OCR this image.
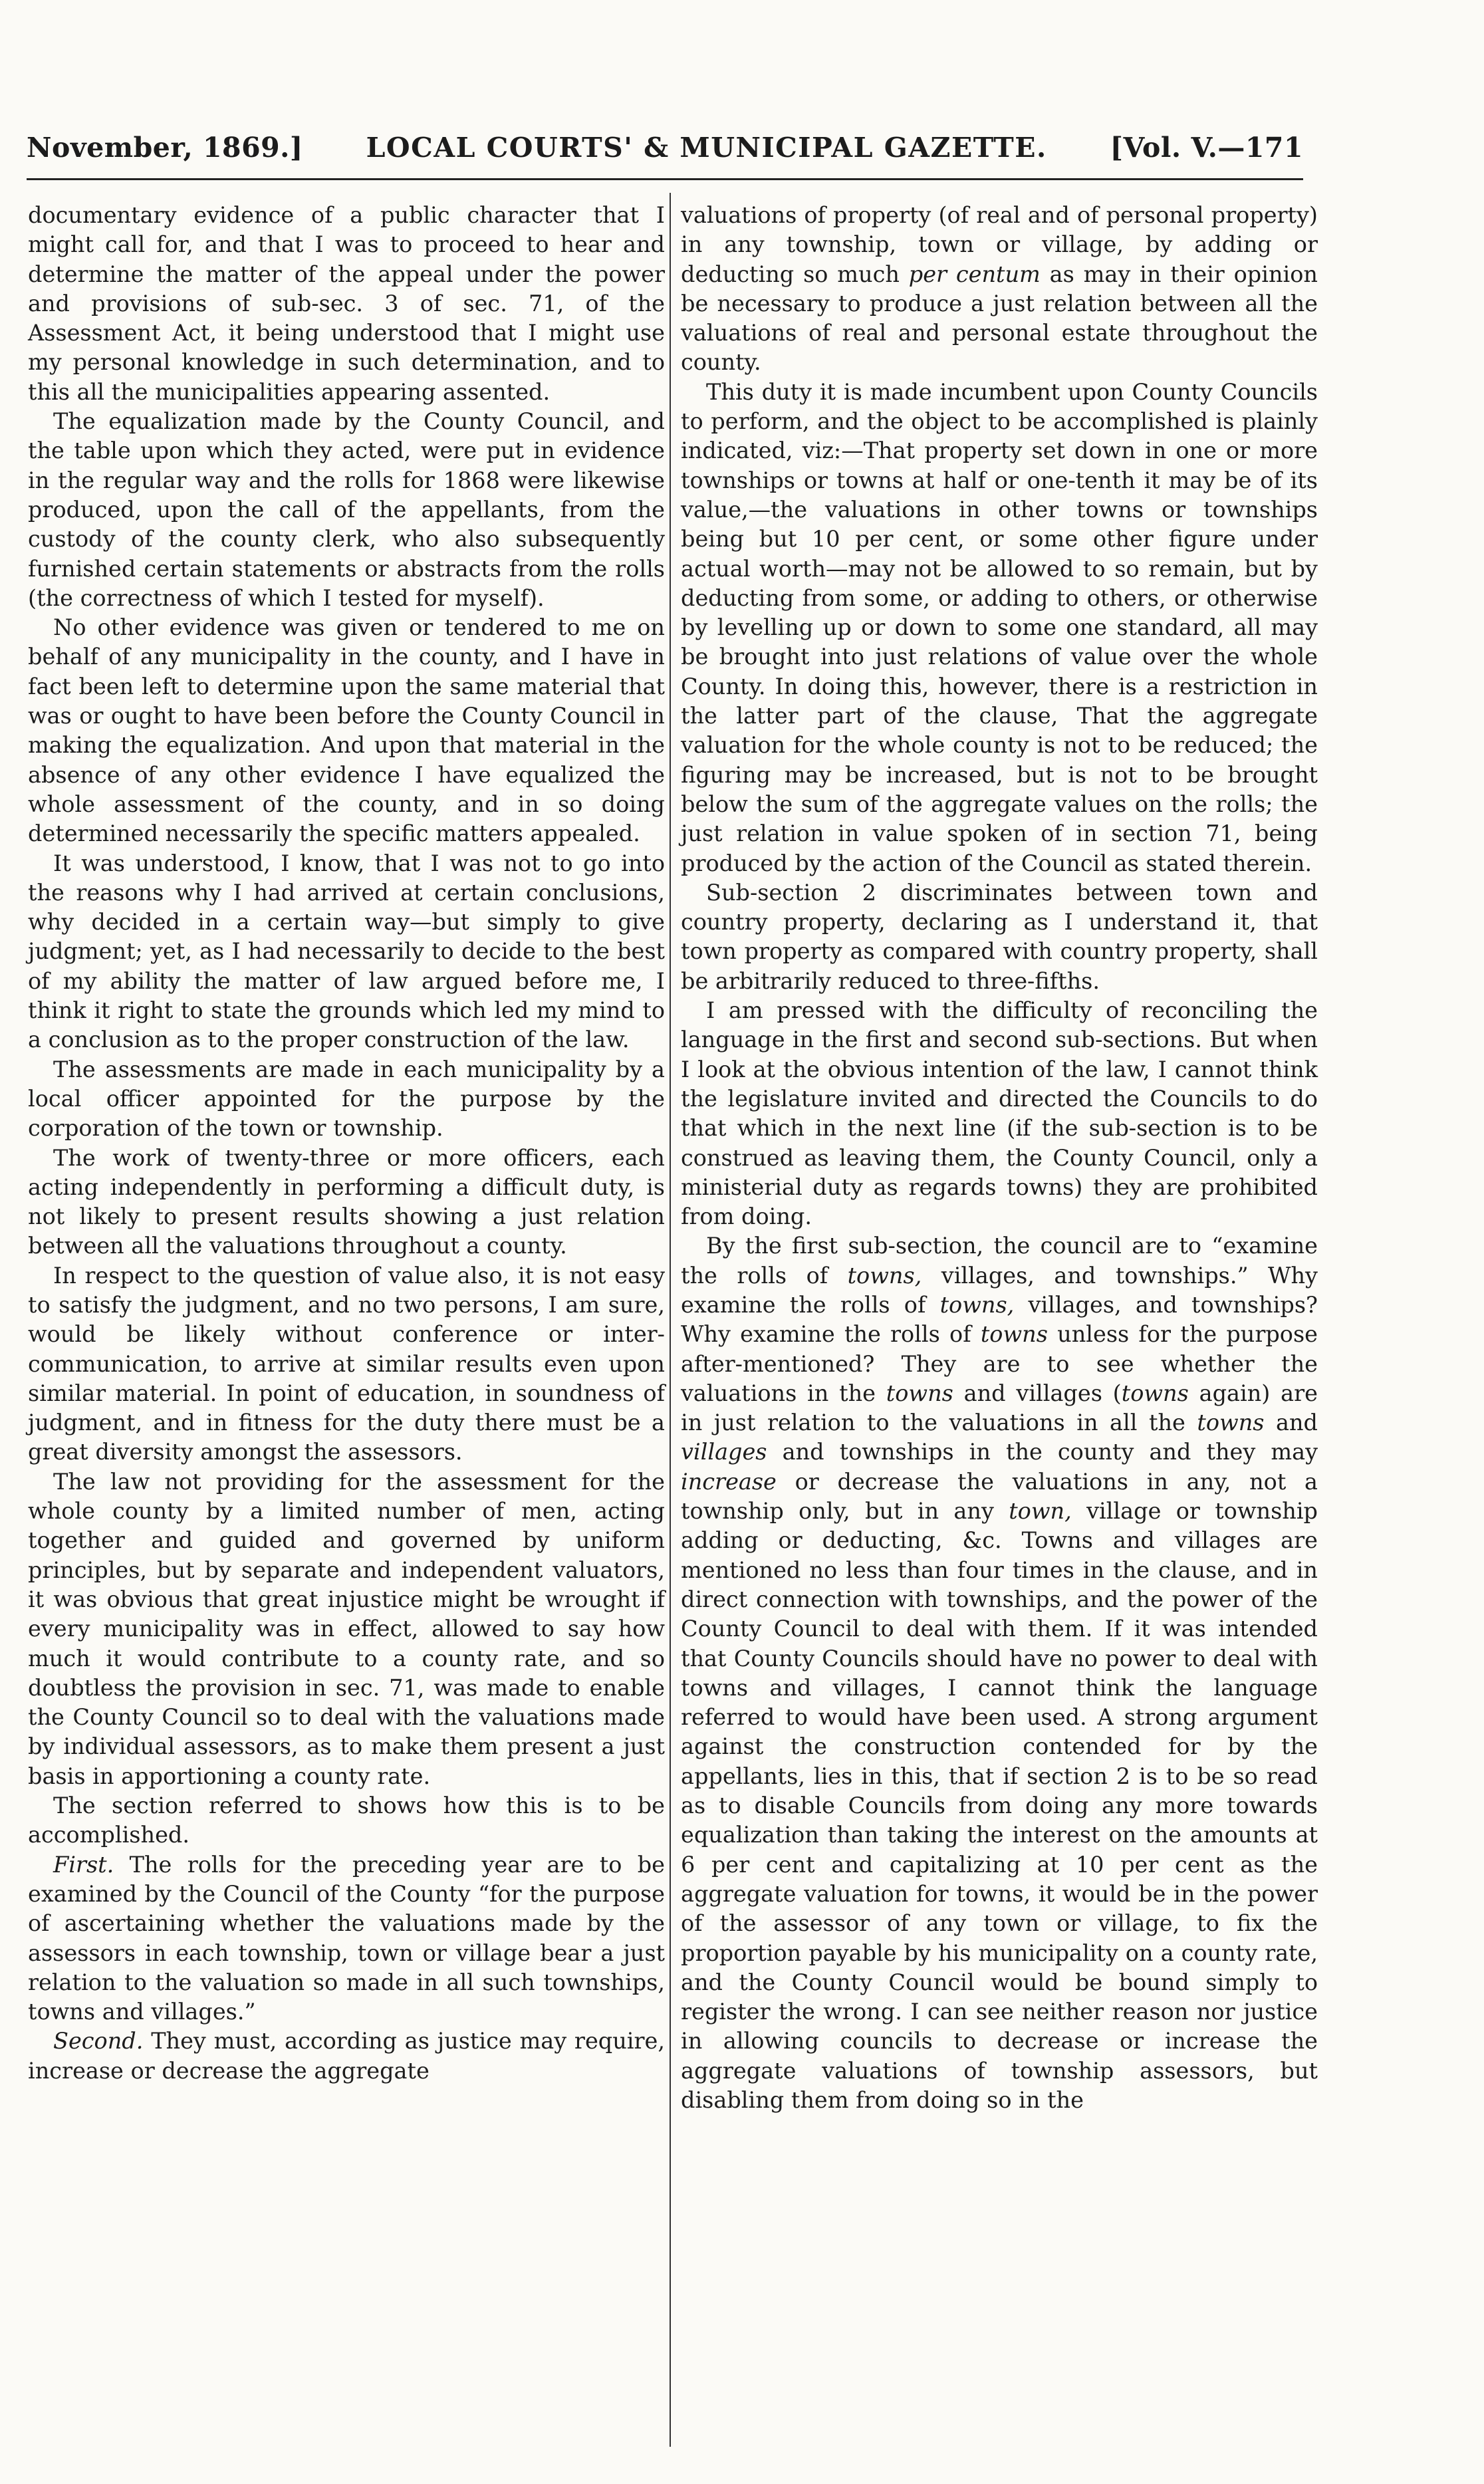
November, 1869.] LOCAL COURTS' & MUNICIPAL GAZETTE. [Vol. V.—171

documentary evidence of a public character that I might call for, and that I was to proceed to hear and determine the matter of the appeal under the power and provisions of sub-sec. 3 of sec. 71, of the Assessment Act, it being understood that I might use my personal knowledge in such determination, and to this all the municipalities appearing assented.

The equalization made by the County Council, and the table upon which they acted, were put in evidence in the regular way and the rolls for 1868 were likewise produced, upon the call of the appellants, from the custody of the county clerk, who also subsequently furnished certain statements or abstracts from the rolls (the correctness of which I tested for myself).

No other evidence was given or tendered to me on behalf of any municipality in the county, and I have in fact been left to determine upon the same material that was or ought to have been before the County Council in making the equalization. And upon that material in the absence of any other evidence I have equalized the whole assessment of the county, and in so doing determined necessarily the specific matters appealed.

It was understood, I know, that I was not to go into the reasons why I had arrived at certain conclusions, why decided in a certain way—but simply to give judgment; yet, as I had necessarily to decide to the best of my ability the matter of law argued before me, I think it right to state the grounds which led my mind to a conclusion as to the proper construction of the law.

The assessments are made in each municipality by a local officer appointed for the purpose by the corporation of the town or township.

The work of twenty-three or more officers, each acting independently in performing a difficult duty, is not likely to present results showing a just relation between all the valuations throughout a county.

In respect to the question of value also, it is not easy to satisfy the judgment, and no two persons, I am sure, would be likely without conference or inter-communication, to arrive at similar results even upon similar material. In point of education, in soundness of judgment, and in fitness for the duty there must be a great diversity amongst the assessors.

The law not providing for the assessment for the whole county by a limited number of men, acting together and guided and governed by uniform principles, but by separate and independent valuators, it was obvious that great injustice might be wrought if every municipality was in effect, allowed to say how much it would contribute to a county rate, and so doubtless the provision in sec. 71, was made to enable the County Council so to deal with the valuations made by individual assessors, as to make them present a just basis in apportioning a county rate.

The section referred to shows how this is to be accomplished.

First. The rolls for the preceding year are to be examined by the Council of the County “for the purpose of ascertaining whether the valuations made by the assessors in each township, town or village bear a just relation to the valuation so made in all such townships, towns and villages.”

Second. They must, according as justice may require, increase or decrease the aggregate

valuations of property (of real and of personal property) in any township, town or village, by adding or deducting so much per centum as may in their opinion be necessary to produce a just relation between all the valuations of real and personal estate throughout the county.

This duty it is made incumbent upon County Councils to perform, and the object to be accomplished is plainly indicated, viz:—That property set down in one or more townships or towns at half or one-tenth it may be of its value,—the valuations in other towns or townships being but 10 per cent, or some other figure under actual worth—may not be allowed to so remain, but by deducting from some, or adding to others, or otherwise by levelling up or down to some one standard, all may be brought into just relations of value over the whole County. In doing this, however, there is a restriction in the latter part of the clause, That the aggregate valuation for the whole county is not to be reduced; the figuring may be increased, but is not to be brought below the sum of the aggregate values on the rolls; the just relation in value spoken of in section 71, being produced by the action of the Council as stated therein.

Sub-section 2 discriminates between town and country property, declaring as I understand it, that town property as compared with country property, shall be arbitrarily reduced to three-fifths.

I am pressed with the difficulty of reconciling the language in the first and second sub-sections. But when I look at the obvious intention of the law, I cannot think the legislature invited and directed the Councils to do that which in the next line (if the sub-section is to be construed as leaving them, the County Council, only a ministerial duty as regards towns) they are prohibited from doing.

By the first sub-section, the council are to “examine the rolls of towns, villages, and townships.” Why examine the rolls of towns, villages, and townships? Why examine the rolls of towns unless for the purpose after-mentioned? They are to see whether the valuations in the towns and villages (towns again) are in just relation to the valuations in all the towns and villages and townships in the county and they may increase or decrease the valuations in any, not a township only, but in any town, village or township adding or deducting, &c. Towns and villages are mentioned no less than four times in the clause, and in direct connection with townships, and the power of the County Council to deal with them. If it was intended that County Councils should have no power to deal with towns and villages, I cannot think the language referred to would have been used. A strong argument against the construction contended for by the appellants, lies in this, that if section 2 is to be so read as to disable Councils from doing any more towards equalization than taking the interest on the amounts at 6 per cent and capitalizing at 10 per cent as the aggregate valuation for towns, it would be in the power of the assessor of any town or village, to fix the proportion payable by his municipality on a county rate, and the County Council would be bound simply to register the wrong. I can see neither reason nor justice in allowing councils to decrease or increase the aggregate valuations of township assessors, but disabling them from doing so in the
